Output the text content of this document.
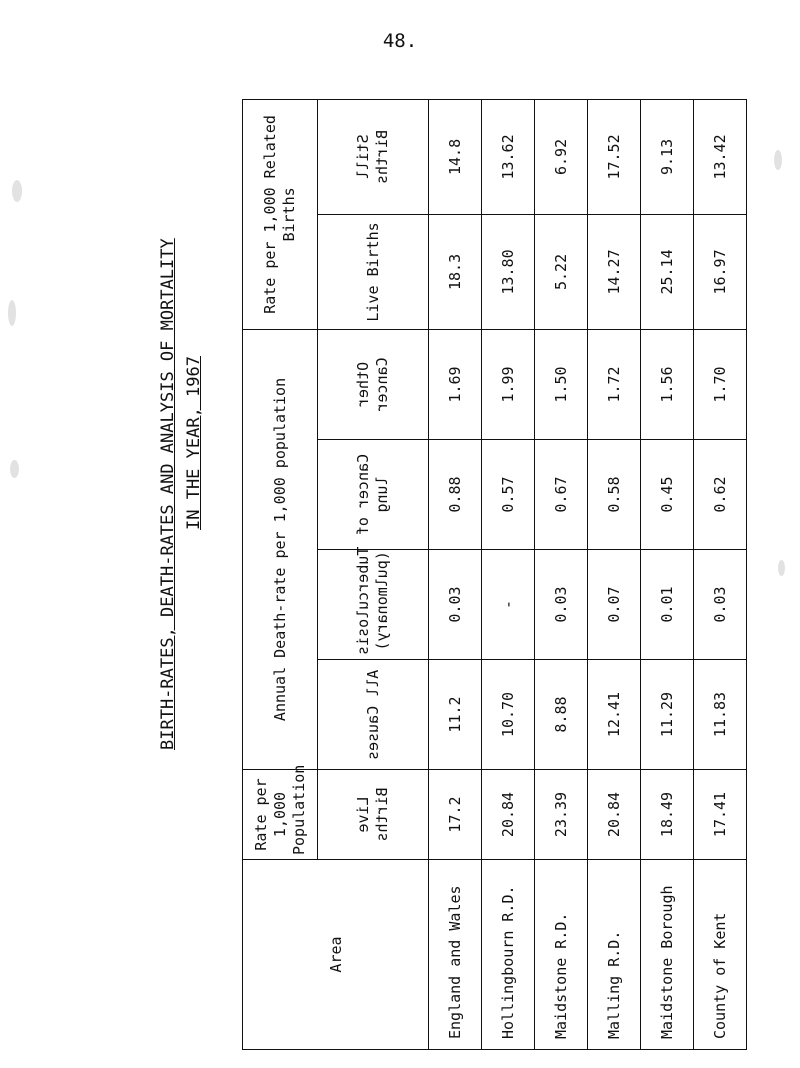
48.
BIRTH-RATES, DEATH-RATES AND ANALYSIS OF MORTALITY IN THE YEAR, 1967
Area	Rate per 1,000 Population	Annual Death-rate per 1,000 population				Rate per 1,000 Related Births	
	Live Births	All Causes	Tuberculosis (pulmonary)	Cancer of lung	Other Cancer	Live Births	Still Births
England and Wales	17.2	11.2	0.03	0.88	1.69	18.3	14.8
Hollingbourn R.D.	20.84	10.70	-	0.57	1.99	13.80	13.62
Maidstone R.D.	23.39	8.88	0.03	0.67	1.50	5.22	6.92
Malling R.D.	20.84	12.41	0.07	0.58	1.72	14.27	17.52
Maidstone Borough	18.49	11.29	0.01	0.45	1.56	25.14	9.13
County of Kent	17.41	11.83	0.03	0.62	1.70	16.97	13.42
